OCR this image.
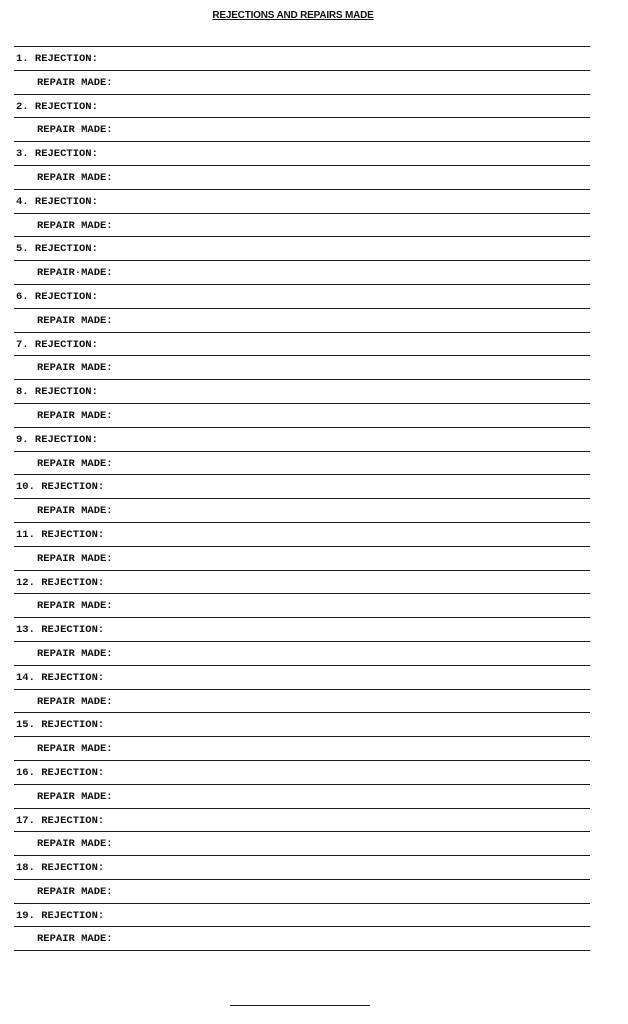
REJECTIONS AND REPAIRS MADE
1. REJECTION:
REPAIR MADE:
2. REJECTION:
REPAIR MADE:
3. REJECTION:
REPAIR MADE:
4. REJECTION:
REPAIR MADE:
5. REJECTION:
REPAIR·MADE:
6. REJECTION:
REPAIR MADE:
7. REJECTION:
REPAIR MADE:
8. REJECTION:
REPAIR MADE:
9. REJECTION:
REPAIR MADE:
10. REJECTION:
REPAIR MADE:
11. REJECTION:
REPAIR MADE:
12. REJECTION:
REPAIR MADE:
13. REJECTION:
REPAIR MADE:
14. REJECTION:
REPAIR MADE:
15. REJECTION:
REPAIR MADE:
16. REJECTION:
REPAIR MADE:
17. REJECTION:
REPAIR MADE:
18. REJECTION:
REPAIR MADE:
19. REJECTION:
REPAIR MADE:
